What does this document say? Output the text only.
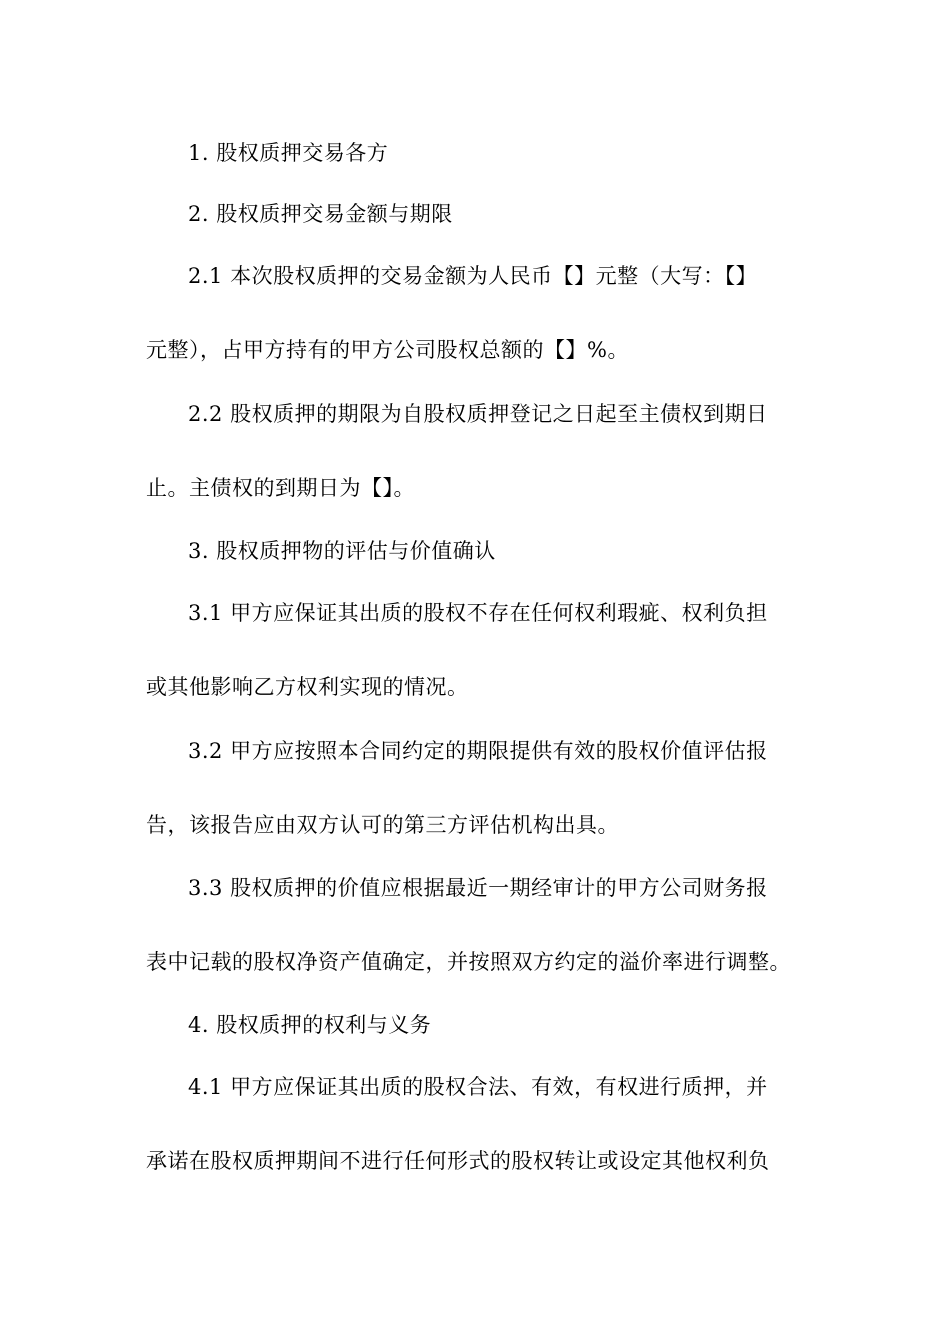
1. 股权质押交易各方
2. 股权质押交易金额与期限
2.1 本次股权质押的交易金额为人民币【】元整（大写：【】
元整），占甲方持有的甲方公司股权总额的【】%。
2.2 股权质押的期限为自股权质押登记之日起至主债权到期日
止。主债权的到期日为【】。
3. 股权质押物的评估与价值确认
3.1 甲方应保证其出质的股权不存在任何权利瑕疵、权利负担
或其他影响乙方权利实现的情况。
3.2 甲方应按照本合同约定的期限提供有效的股权价值评估报
告，该报告应由双方认可的第三方评估机构出具。
3.3 股权质押的价值应根据最近一期经审计的甲方公司财务报
表中记载的股权净资产值确定，并按照双方约定的溢价率进行调整。
4. 股权质押的权利与义务
4.1 甲方应保证其出质的股权合法、有效，有权进行质押，并
承诺在股权质押期间不进行任何形式的股权转让或设定其他权利负
